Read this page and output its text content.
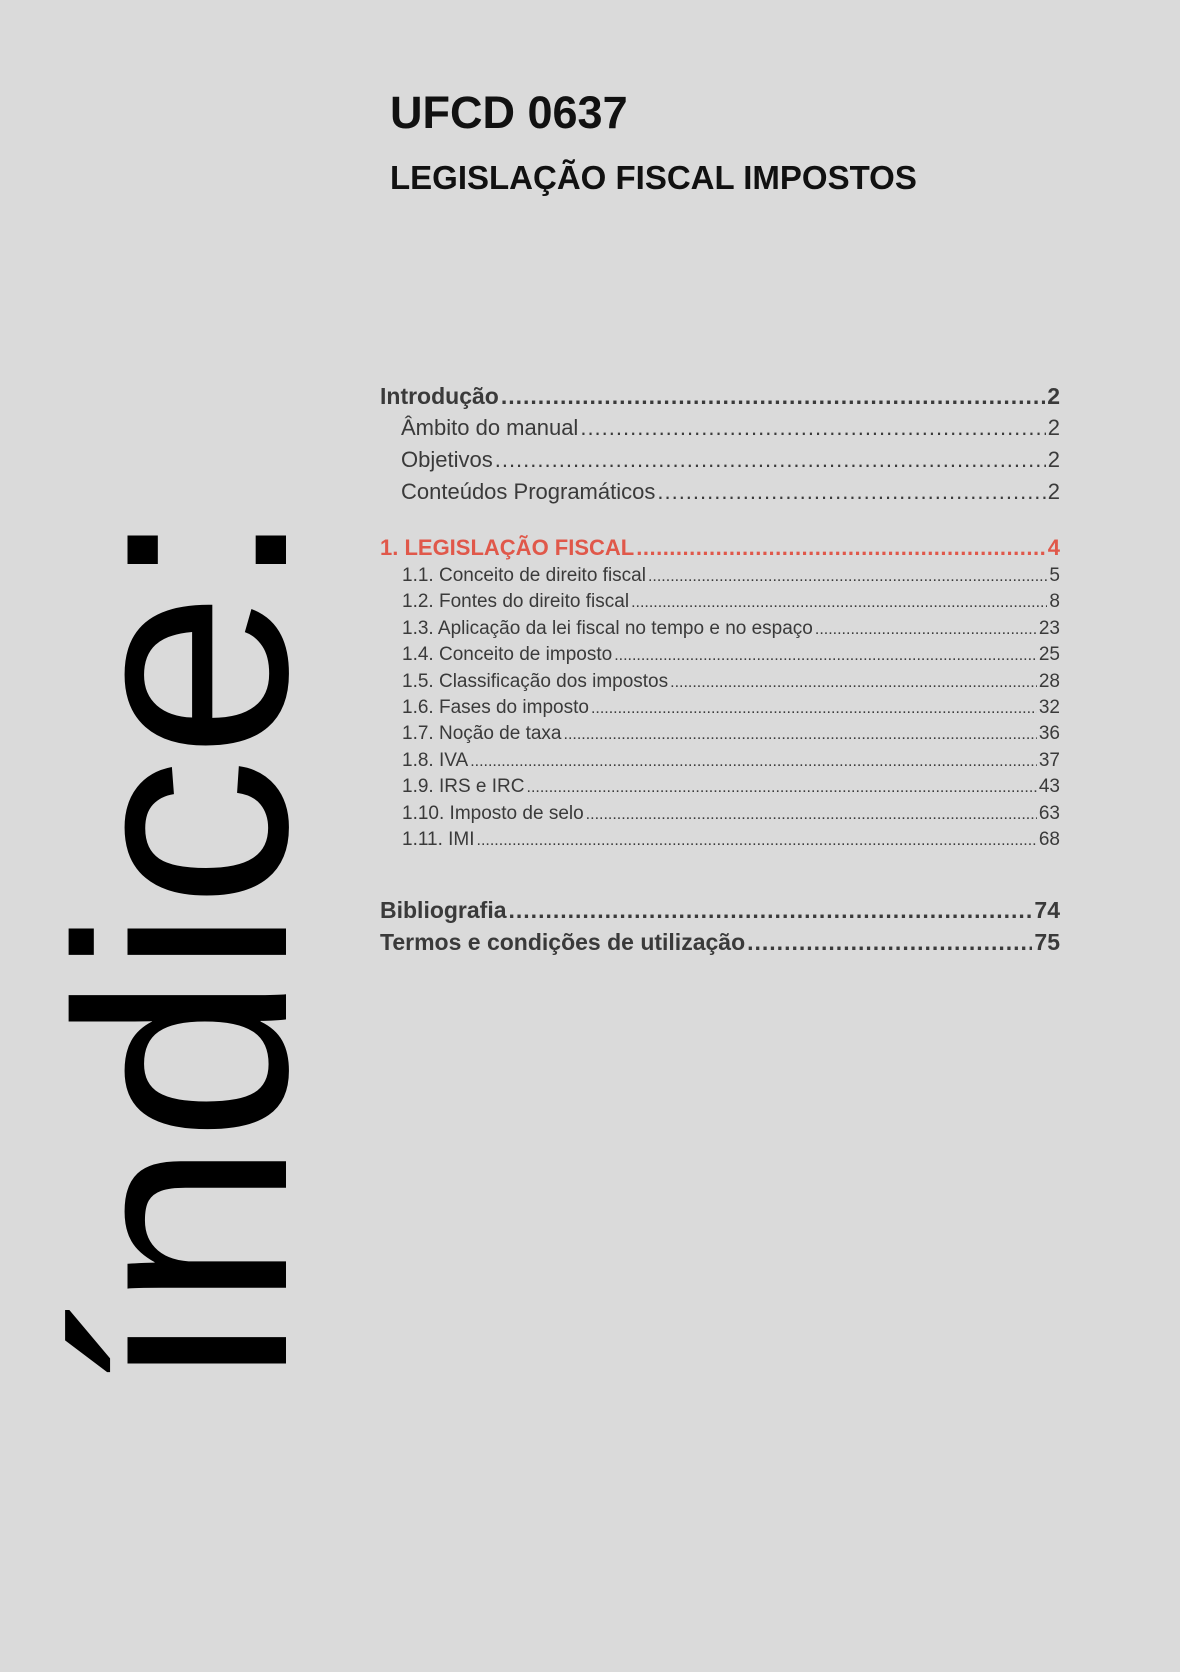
UFCD 0637
LEGISLAÇÃO FISCAL IMPOSTOS
índice:
Introdução .....	2
Âmbito do manual .....	2
Objetivos .....	2
Conteúdos Programáticos .....	2
1. LEGISLAÇÃO FISCAL .....	4
1.1. Conceito de direito fiscal .....	5
1.2. Fontes do direito fiscal .....	8
1.3. Aplicação da lei fiscal no tempo e no espaço .....	23
1.4. Conceito de imposto .....	25
1.5. Classificação dos impostos .....	28
1.6. Fases do imposto .....	32
1.7. Noção de taxa .....	36
1.8. IVA .....	37
1.9. IRS e IRC .....	43
1.10. Imposto de selo .....	63
1.11. IMI .....	68
Bibliografia .....	74
Termos e condições de utilização .....	75
